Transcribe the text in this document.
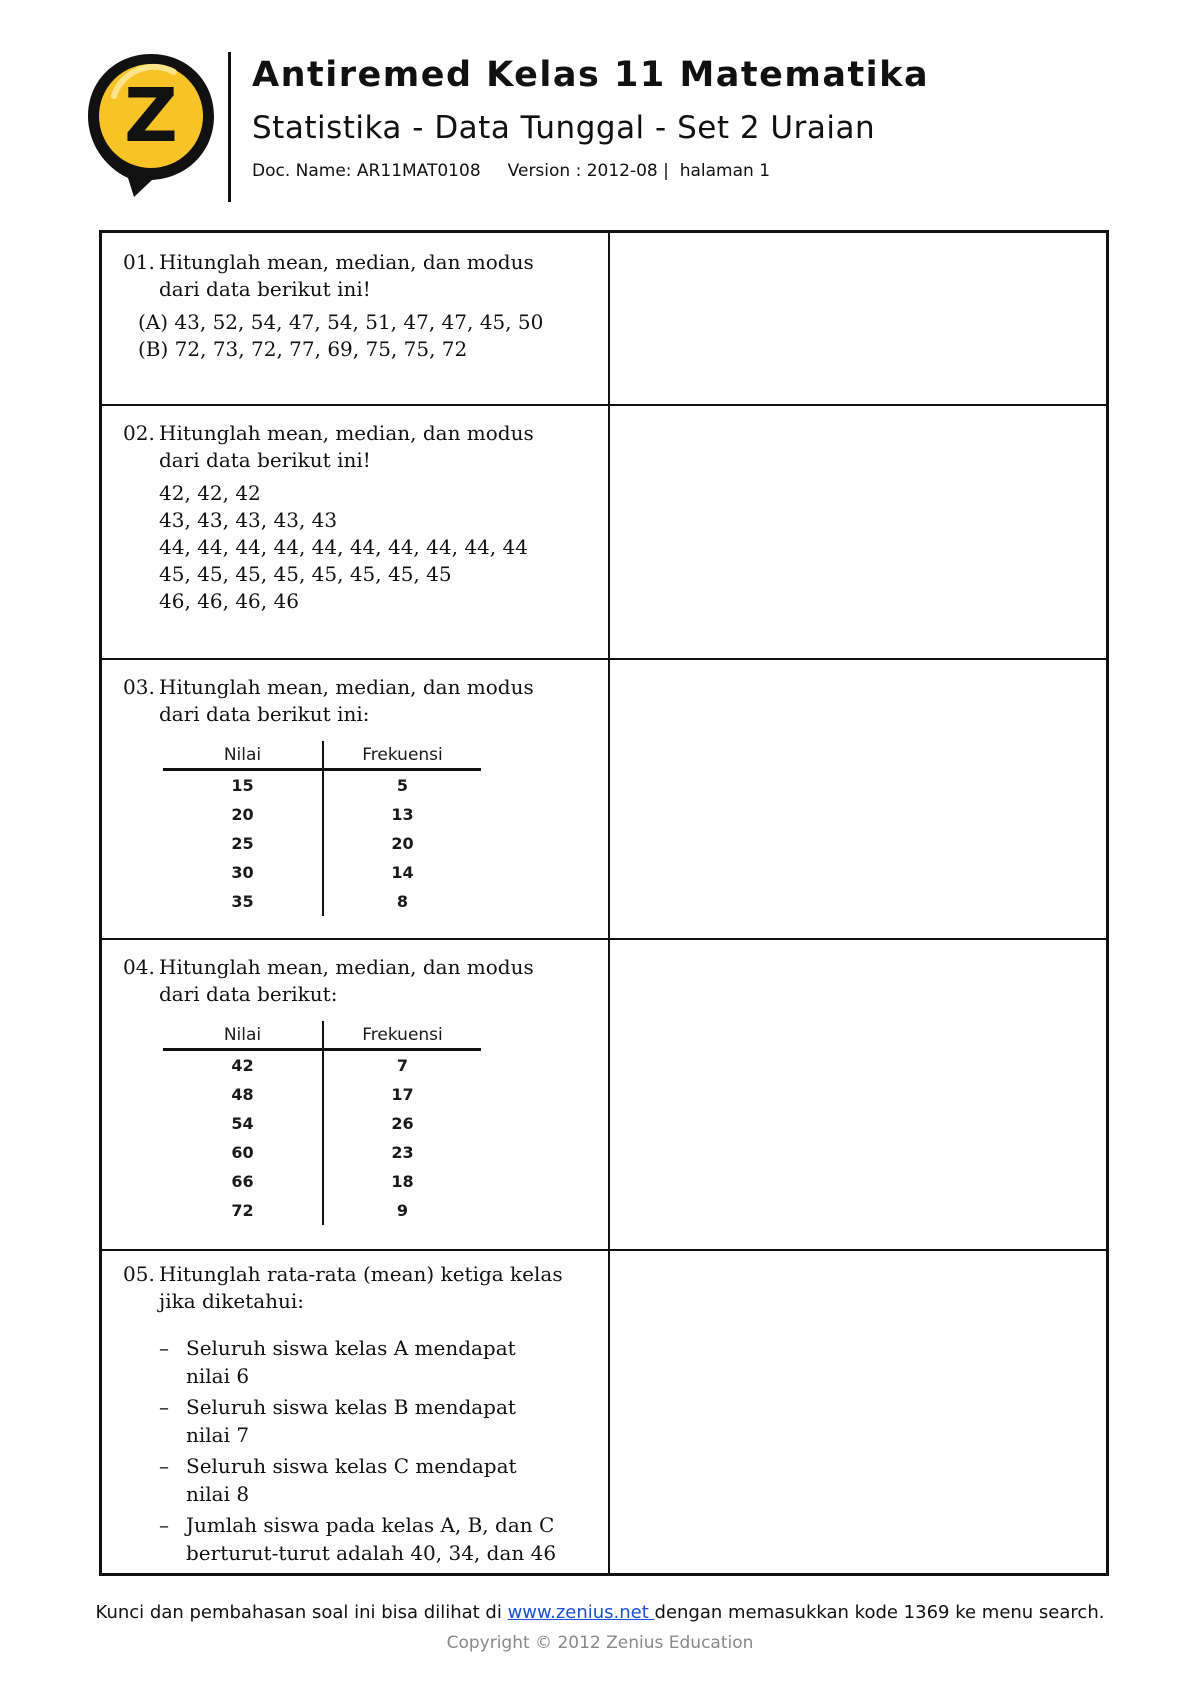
Z Antiremed Kelas 11 Matematika
Statistika - Data Tunggal - Set 2 Uraian
Doc. Name: AR11MAT0108 Version : 2012-08 | halaman 1
01. Hitunglah mean, median, dan modus dari data berikut ini!
(A) 43, 52, 54, 47, 54, 51, 47, 47, 45, 50
(B) 72, 73, 72, 77, 69, 75, 75, 72
02. Hitunglah mean, median, dan modus dari data berikut ini!
42, 42, 42
43, 43, 43, 43, 43
44, 44, 44, 44, 44, 44, 44, 44, 44, 44
45, 45, 45, 45, 45, 45, 45, 45
46, 46, 46, 46
03. Hitunglah mean, median, dan modus dari data berikut ini:
Nilai	Frekuensi
15	5
20	13
25	20
30	14
35	8
04. Hitunglah mean, median, dan modus dari data berikut:
Nilai	Frekuensi
42	7
48	17
54	26
60	23
66	18
72	9
05. Hitunglah rata-rata (mean) ketiga kelas jika diketahui:
– Seluruh siswa kelas A mendapat nilai 6
– Seluruh siswa kelas B mendapat nilai 7
– Seluruh siswa kelas C mendapat nilai 8
– Jumlah siswa pada kelas A, B, dan C berturut-turut adalah 40, 34, dan 46
Kunci dan pembahasan soal ini bisa dilihat di www.zenius.net dengan memasukkan kode 1369 ke menu search.
Copyright © 2012 Zenius Education
